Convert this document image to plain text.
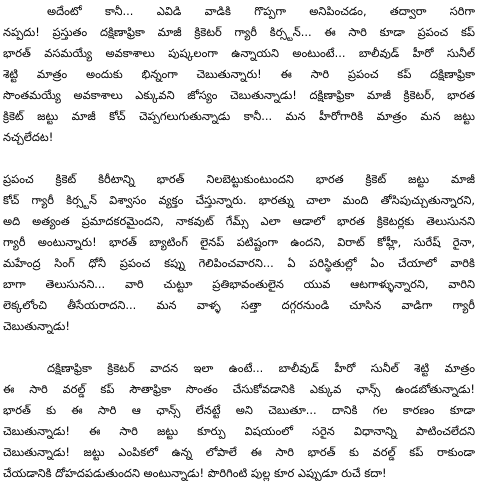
అదేంటో కానీ... ఎవిడి వాడికి గొప్పగా అనిపించడం, తద్వారా సరిగా
నప్పదు! ప్రస్తుతం దక్షిణాఫ్రికా మాజీ క్రికెటర్ గ్యారీ కిర్స్టన్... ఈ సారి కూడా ప్రపంచ కప్
భారత్ వసమయ్యే అవకాశాలు పుష్కలంగా ఉన్నాయని అంటుంటే... బాలీవుడ్ హీరో సునీల్
శెట్టి మాత్రం అందుకు భిన్నంగా చెబుతున్నారు! ఈ సారి ప్రపంచ కప్ దక్షిణాఫ్రికా
సొంతమయ్యే అవకాశాలు ఎక్కువని జోస్యం చెబుతున్నాడు! దక్షిణాఫ్రికా మాజీ క్రికెటర్, భారత
క్రికెట్ జట్టు మాజీ కోచ్ చెప్పగలుగుతున్నాడు కానీ... మన హీరోగారికి మాత్రం మన జట్టు
నచ్చలేదట!
ప్రపంచ క్రికెట్ కిరీటాన్ని భారత్ నిలబెట్టుకుంటుందని భారత క్రికెట్ జట్టు మాజీ
కోచ్ గ్యారీ కిర్స్టన్ విశ్వాసం వ్యక్తం చేస్తున్నారు. భారత్ను చాలా మంది తోసిపుచ్చుతున్నారని,
అది అత్యంత ప్రమాదకరమైందని, నాకవుట్ గేమ్స్ ఎలా ఆడాలో భారత క్రికెటర్లకు తెలుసునని
గ్యారీ అంటున్నారు! భారత్ బ్యాటింగ్ లైనప్ పటిష్టంగా ఉందని, విరాట్ కోహ్లీ, సురేష్ రైనా,
మహేంద్ర సింగ్ ధోనీ ప్రపంచ కప్ను గెలిపించవారని... ఏ పరిస్థితుల్లో ఏం చేయాలో వారికి
బాగా తెలుసునని... వారి చుట్టూ ప్రతిభావంతులైన యువ ఆటగాళ్ళున్నారని, వారిని
లెక్కలోంచి తీసేయరాదని... మన వాళ్ళ సత్తా దగ్గరనుండి చూసిన వాడిగా గ్యారీ
చెబుతున్నాడు!
దక్షిణాఫ్రికా క్రికెటర్ వాదన ఇలా ఉంటే... బాలీవుడ్ హీరో సునీల్ శెట్టి మాత్రం
ఈ సారి వరల్డ్ కప్ సౌతాఫ్రికా సొంతం చేసుకోవడానికి ఎక్కువ ఛాన్స్ ఉండబోతున్నాడు!
భారత్ కు ఈ సారి ఆ ఛాన్స్ లేనట్టే అని చెబుతూ... దానికి గల కారణం కూడా
చెబుతున్నాడు! ఈ సారి జట్టు కూర్పు విషయంలో సరైన విధానాన్ని పాటించలేదని
చెబుతున్నాడు! జట్టు ఎంపికలో ఉన్న లోపాలే ఈ సారి భారత్ కు వరల్డ్ కప్ రాకుండా
చేయడానికి దోహదపడుతుందని అంటున్నాడు! పొరిగింటి పుల్ల కూర ఎప్పుడూ రుచే కదా!
